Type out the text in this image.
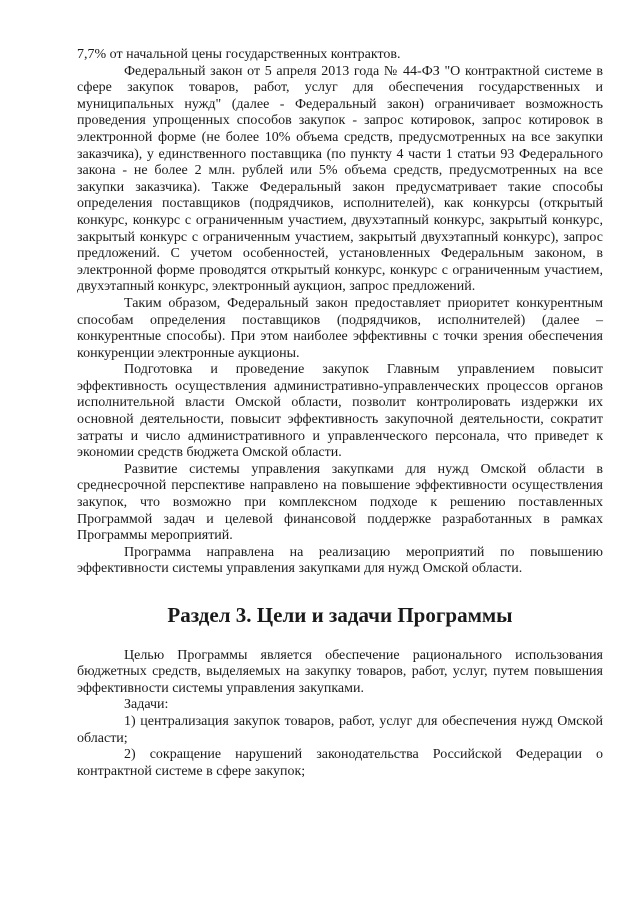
7,7% от начальной цены государственных контрактов.

Федеральный закон от 5 апреля 2013 года № 44-ФЗ "О контрактной системе в сфере закупок товаров, работ, услуг для обеспечения государственных и муниципальных нужд" (далее - Федеральный закон) ограничивает возможность проведения упрощенных способов закупок - запрос котировок, запрос котировок в электронной форме (не более 10% объема средств, предусмотренных на все закупки заказчика), у единственного поставщика (по пункту 4 части 1 статьи 93 Федерального закона - не более 2 млн. рублей или 5% объема средств, предусмотренных на все закупки заказчика). Также Федеральный закон предусматривает такие способы определения поставщиков (подрядчиков, исполнителей), как конкурсы (открытый конкурс, конкурс с ограниченным участием, двухэтапный конкурс, закрытый конкурс, закрытый конкурс с ограниченным участием, закрытый двухэтапный конкурс), запрос предложений. С учетом особенностей, установленных Федеральным законом, в электронной форме проводятся открытый конкурс, конкурс с ограниченным участием, двухэтапный конкурс, электронный аукцион, запрос предложений.

Таким образом, Федеральный закон предоставляет приоритет конкурентным способам определения поставщиков (подрядчиков, исполнителей) (далее – конкурентные способы). При этом наиболее эффективны с точки зрения обеспечения конкуренции электронные аукционы.

Подготовка и проведение закупок Главным управлением повысит эффективность осуществления административно-управленческих процессов органов исполнительной власти Омской области, позволит контролировать издержки их основной деятельности, повысит эффективность закупочной деятельности, сократит затраты и число административного и управленческого персонала, что приведет к экономии средств бюджета Омской области.

Развитие системы управления закупками для нужд Омской области в среднесрочной перспективе направлено на повышение эффективности осуществления закупок, что возможно при комплексном подходе к решению поставленных Программой задач и целевой финансовой поддержке разработанных в рамках Программы мероприятий.

Программа направлена на реализацию мероприятий по повышению эффективности системы управления закупками для нужд Омской области.

Раздел 3. Цели и задачи Программы

Целью Программы является обеспечение рационального использования бюджетных средств, выделяемых на закупку товаров, работ, услуг, путем повышения эффективности системы управления закупками.

Задачи:

1) централизация закупок товаров, работ, услуг для обеспечения нужд Омской области;

2) сокращение нарушений законодательства Российской Федерации о контрактной системе в сфере закупок;
